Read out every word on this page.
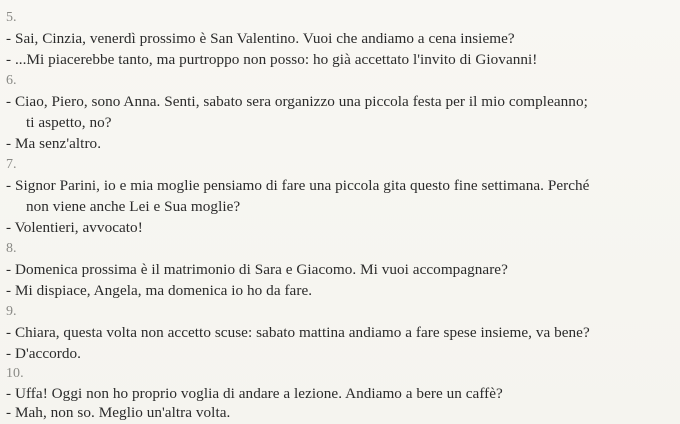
5.
- Sai, Cinzia, venerdì prossimo è San Valentino. Vuoi che andiamo a cena insieme?
- ...Mi piacerebbe tanto, ma purtroppo non posso: ho già accettato l'invito di Giovanni!
6.
- Ciao, Piero, sono Anna. Senti, sabato sera organizzo una piccola festa per il mio compleanno;
ti aspetto, no?
- Ma senz'altro.
7.
- Signor Parini, io e mia moglie pensiamo di fare una piccola gita questo fine settimana. Perché
non viene anche Lei e Sua moglie?
- Volentieri, avvocato!
8.
- Domenica prossima è il matrimonio di Sara e Giacomo. Mi vuoi accompagnare?
- Mi dispiace, Angela, ma domenica io ho da fare.
9.
- Chiara, questa volta non accetto scuse: sabato mattina andiamo a fare spese insieme, va bene?
- D'accordo.
10.
- Uffa! Oggi non ho proprio voglia di andare a lezione. Andiamo a bere un caffè?
- Mah, non so. Meglio un'altra volta.
